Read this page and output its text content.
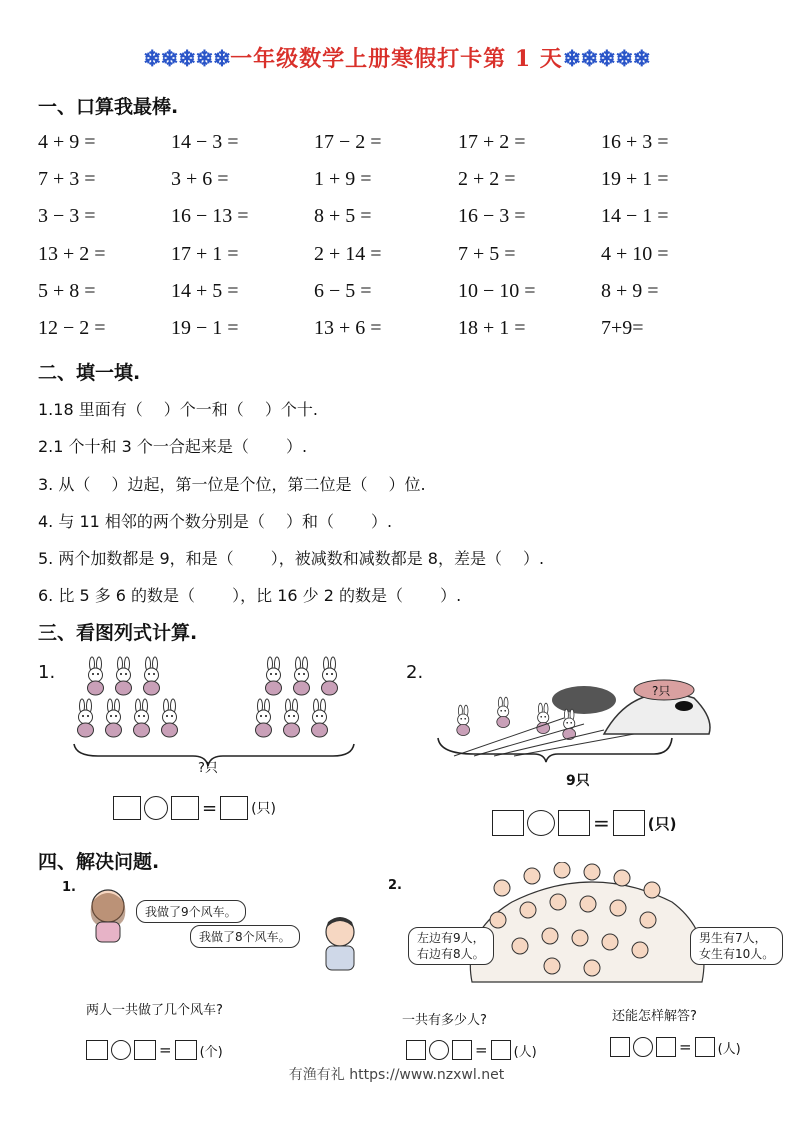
❄❄❄❄❄一年级数学上册寒假打卡第 1 天❄❄❄❄❄
一、口算我最棒.
4 + 9 =	14 − 3 =	17 − 2 =	17 + 2 =	16 + 3 =
7 + 3 =	3 + 6 =	1 + 9 =	2 + 2 =	19 + 1 =
3 − 3 =	16 − 13 =	8 + 5 =	16 − 3 =	14 − 1 =
13 + 2 =	17 + 1 =	2 + 14 =	7 + 5 =	4 + 10 =
5 + 8 =	14 + 5 =	6 − 5 =	10 − 10 =	8 + 9 =
12 − 2 =	19 − 1 =	13 + 6 =	18 + 1 =	7+9=
二、填一填.
1.18 里面有（　 ）个一和（　 ）个十.
2.1 个十和 3 个一合起来是（　　 ）.
3. 从（　 ）边起，第一位是个位，第二位是（　 ）位.
4. 与 11 相邻的两个数分别是（　 ）和（　　 ）.
5. 两个加数都是 9，和是（　　 ），被减数和减数都是 8，差是（　 ）.
6. 比 5 多 6 的数是（　　 ），比 16 少 2 的数是（　　 ）.
三、看图列式计算.
1.
?只
= (只)
2.
?只
9只
=	(只)
四、解决问题.
1.
我做了9个风车。
我做了8个风车。
两人一共做了几个风车?
= (个)
2.
左边有9人，
右边有8人。
男生有7人，
女生有10人。
一共有多少人?	还能怎样解答?
= (人)	= (人)
有渔有礼 https://www.nzxwl.net
